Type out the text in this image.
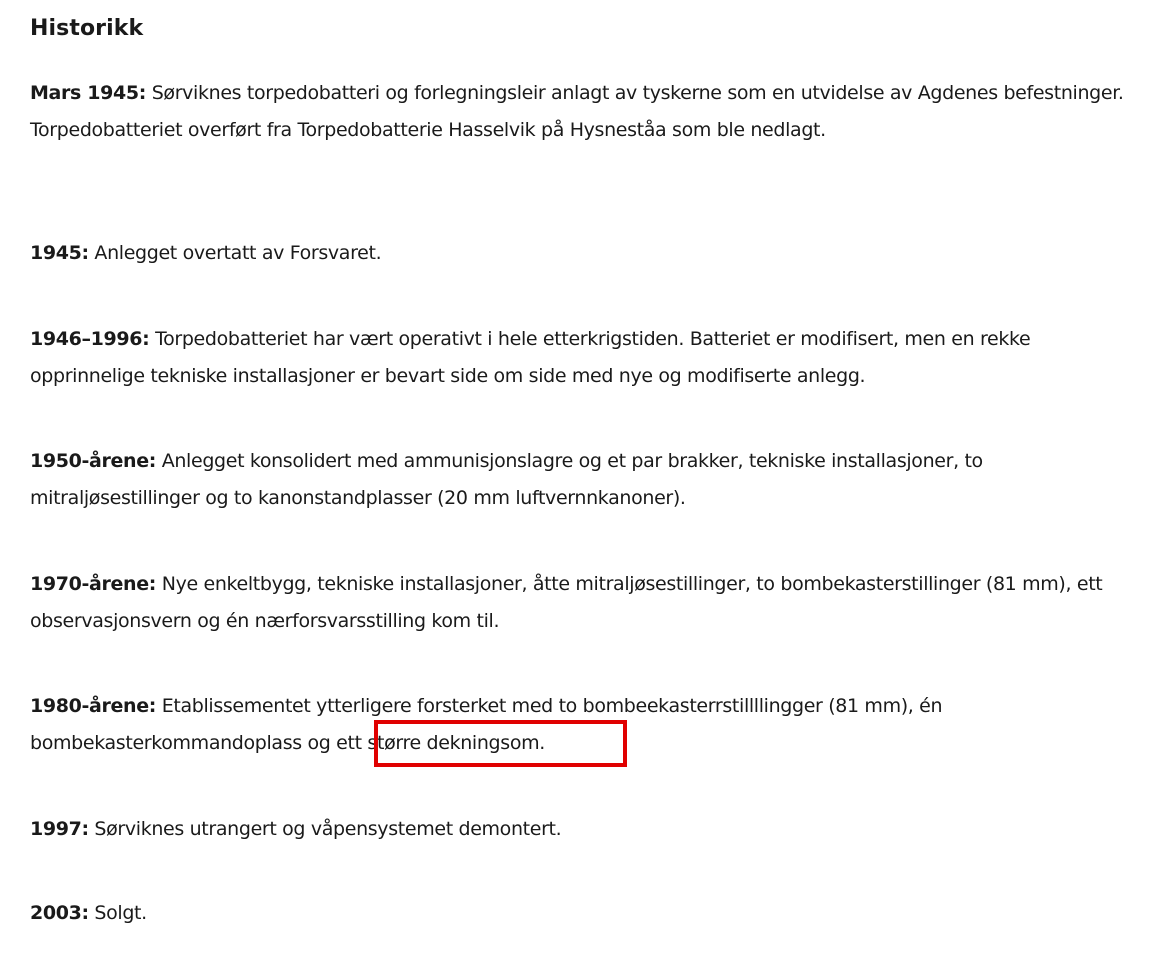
Historikk

Mars 1945: Sørviknes torpedobatteri og forlegningsleir anlagt av tyskerne som en utvidelse av Agdenes befestninger. Torpedobatteriet overført fra Torpedobatterie Hasselvik på Hysneståa som ble nedlagt.

1945: Anlegget overtatt av Forsvaret.

1946–1996: Torpedobatteriet har vært operativt i hele etterkrigstiden. Batteriet er modifisert, men en rekke opprinnelige tekniske installasjoner er bevart side om side med nye og modifiserte anlegg.

1950-årene: Anlegget konsolidert med ammunisjonslagre og et par brakker, tekniske installasjoner, to mitraljøsestillinger og to kanonstandplasser (20 mm luftvernnkanoner).

1970-årene: Nye enkeltbygg, tekniske installasjoner, åtte mitraljøsestillinger, to bombekasterstillinger (81 mm), ett observasjonsvern og én nærforsvarsstilling kom til.

1980-årene: Etablissementet ytterligere forsterket med to bombeekasterrstillllingger (81 mm), én bombekasterkommandoplass og ett større dekningsom.

1997: Sørviknes utrangert og våpensystemet demontert.

2003: Solgt.
